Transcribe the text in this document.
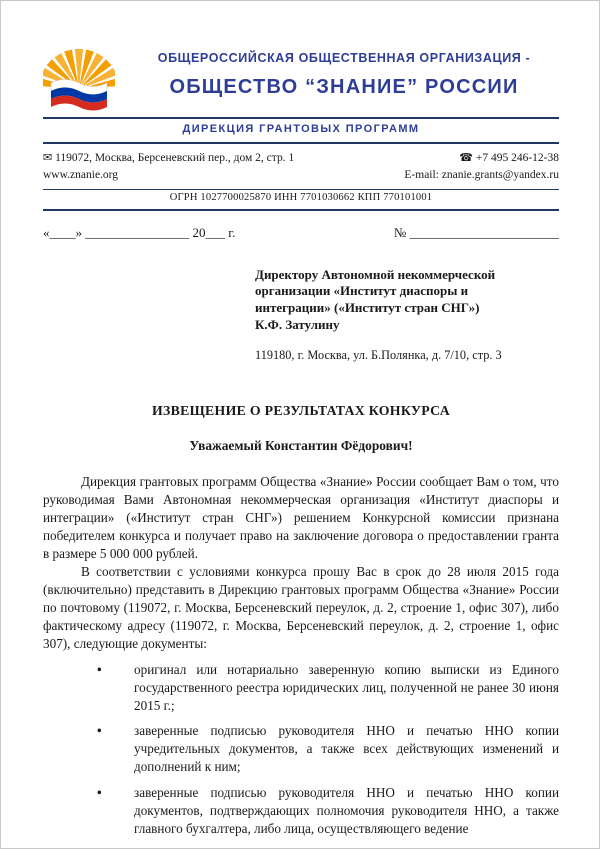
ОБЩЕРОССИЙСКАЯ ОБЩЕСТВЕННАЯ ОРГАНИЗАЦИЯ -
ОБЩЕСТВО “ЗНАНИЕ” РОССИИ
ДИРЕКЦИЯ ГРАНТОВЫХ ПРОГРАММ
✉ 119072, Москва, Берсеневский пер., дом 2, стр. 1
www.znanie.org
☎ +7 495 246-12-38
E-mail: znanie.grants@yandex.ru
ОГРН 1027700025870 ИНН 7701030662 КПП 770101001
«____» ________________ 20___ г.	№ _______________________
Директору Автономной некоммерческой
организации «Институт диаспоры и
интеграции» («Институт стран СНГ»)
К.Ф. Затулину
119180, г. Москва, ул. Б.Полянка, д. 7/10, стр. 3
ИЗВЕЩЕНИЕ О РЕЗУЛЬТАТАХ КОНКУРСА
Уважаемый Константин Фёдорович!

Дирекция грантовых программ Общества «Знание» России сообщает Вам о том, что руководимая Вами Автономная некоммерческая организация «Институт диаспоры и интеграции» («Институт стран СНГ») решением Конкурсной комиссии признана победителем конкурса и получает право на заключение договора о предоставлении гранта в размере 5 000 000 рублей.

В соответствии с условиями конкурса прошу Вас в срок до 28 июля 2015 года (включительно) представить в Дирекцию грантовых программ Общества «Знание» России по почтовому (119072, г. Москва, Берсеневский переулок, д. 2, строение 1, офис 307), либо фактическому адресу (119072, г. Москва, Берсеневский переулок, д. 2, строение 1, офис 307), следующие документы:

• оригинал или нотариально заверенную копию выписки из Единого государственного реестра юридических лиц, полученной не ранее 30 июня 2015 г.;
• заверенные подписью руководителя ННО и печатью ННО копии учредительных документов, а также всех действующих изменений и дополнений к ним;
• заверенные подписью руководителя ННО и печатью ННО копии документов, подтверждающих полномочия руководителя ННО, а также главного бухгалтера, либо лица, осуществляющего ведение
